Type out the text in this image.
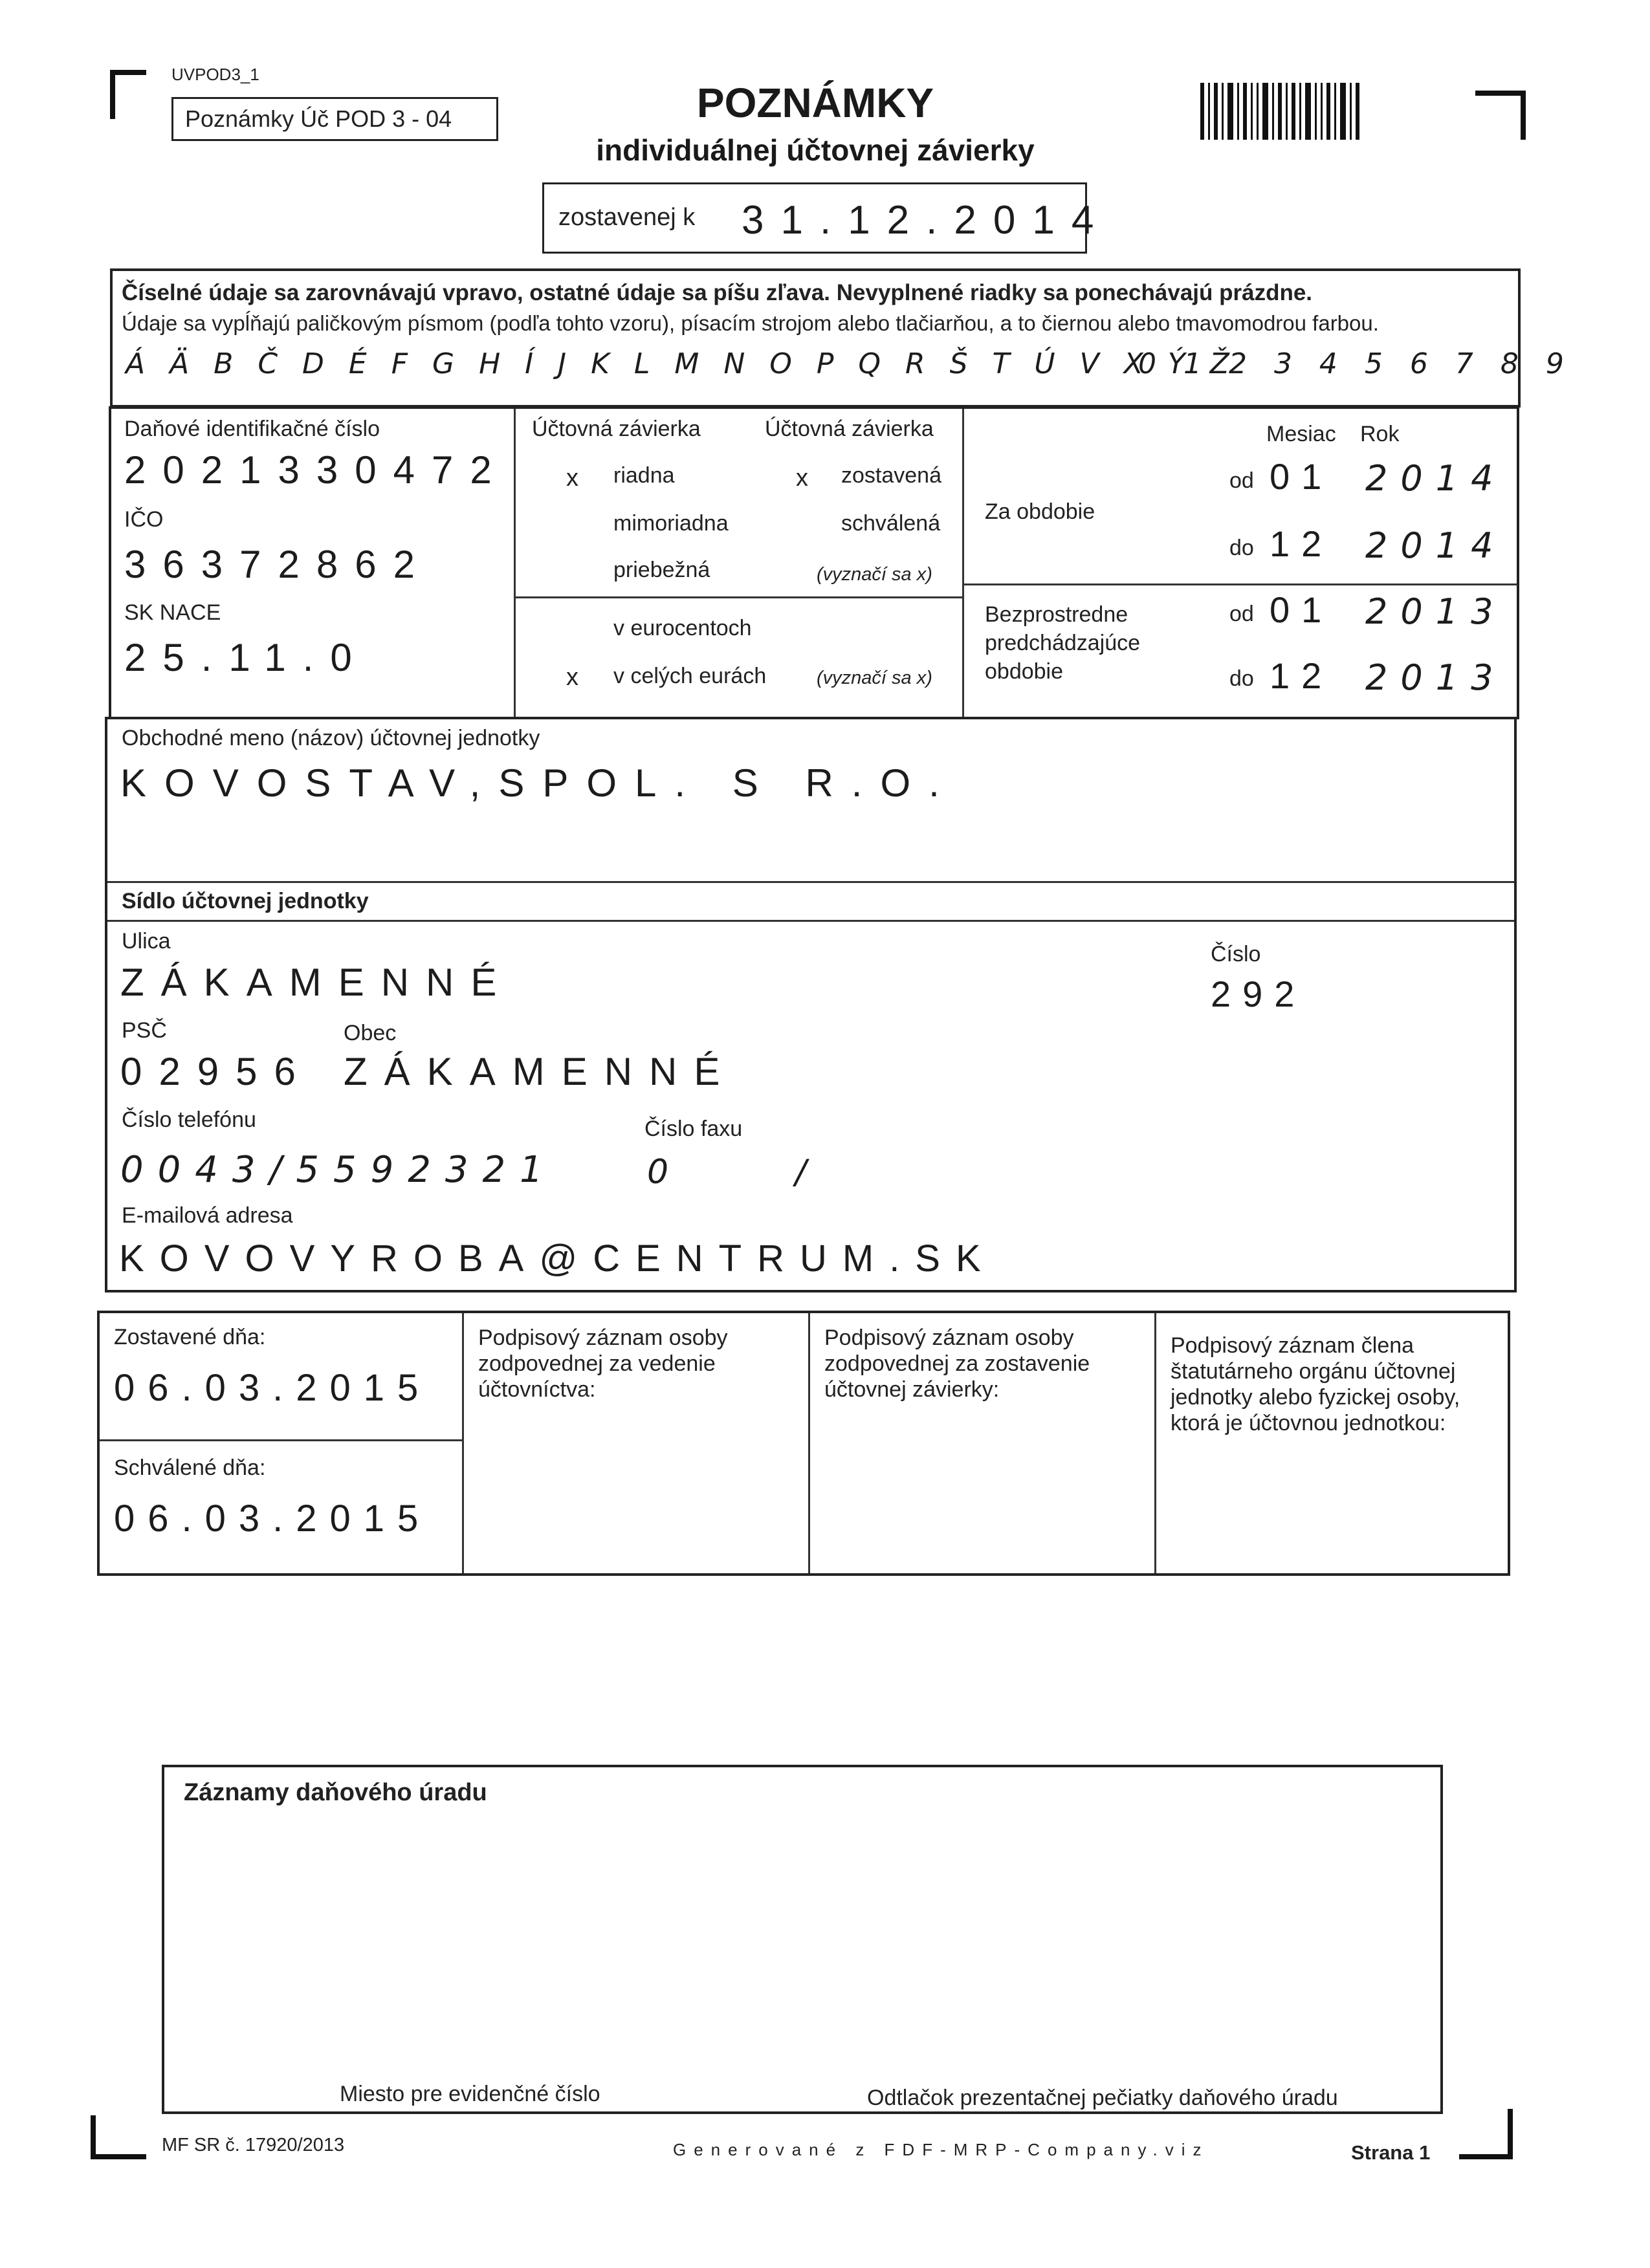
UVPOD3_1
Poznámky Úč POD 3 - 04	POZNÁMKY
individuálnej účtovnej závierky
zostavenej k 31.12.2014
Číselné údaje sa zarovnávajú vpravo, ostatné údaje sa píšu zľava. Nevyplnené riadky sa ponechávajú prázdne.
Údaje sa vypĺňajú paličkovým písmom (podľa tohto vzoru), písacím strojom alebo tlačiarňou, a to čiernou alebo tmavomodrou farbou.
Á Ä B Č D É F G H Í J K L M N O P Q R Š T Ú V X Ý Ž
0 1 2 3 4 5 6 7 8 9
Daňové identifikačné číslo
2021330472
IČO
36372862
SK NACE
25.11.0
Účtovná závierka	Účtovná závierka
x riadna	x zostavená
mimoriadna	schválená
priebežná	(vyznačí sa x)
v eurocentoch
x v celých eurách	(vyznačí sa x)
Mesiac Rok
Za obdobie
od 01 2014
do 12 2014
Bezprostredne predchádzajúce obdobie
od 01 2013
do 12 2013
Obchodné meno (názov) účtovnej jednotky
KOVOSTAV,SPOL. S R.O.
Sídlo účtovnej jednotky
Ulica
ZÁKAMENNÉ
Číslo
292
PSČ	Obec
02956 ZÁKAMENNÉ
Číslo telefónu	Číslo faxu
0043/5592321	0       /
E-mailová adresa
KOVOVYROBA@CENTRUM.SK
Zostavené dňa:
06.03.2015
Schválené dňa:
06.03.2015
Podpisový záznam osoby zodpovednej za vedenie účtovníctva:
Podpisový záznam osoby zodpovednej za zostavenie účtovnej závierky:
Podpisový záznam člena štatutárneho orgánu účtovnej jednotky alebo fyzickej osoby, ktorá je účtovnou jednotkou:
Záznamy daňového úradu
Miesto pre evidenčné číslo	Odtlačok prezentačnej pečiatky daňového úradu
MF SR č. 17920/2013	Generované z FDF-MRP-Company.viz	Strana 1
